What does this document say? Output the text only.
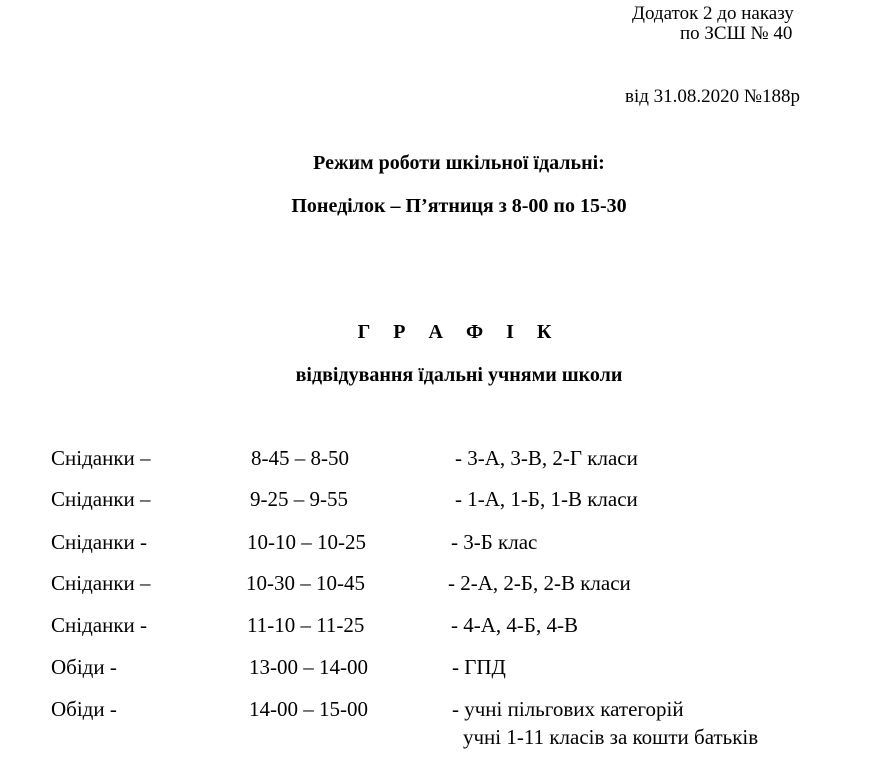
Додаток 2 до наказу
по ЗСШ № 40
від 31.08.2020 №188р
Режим роботи шкільної їдальні:
Понеділок – П’ятниця з 8-00 по 15-30
Г Р А Ф І К
відвідування їдальні учнями школи
Сніданки –	8-45 – 8-50	- 3-А, 3-В, 2-Г класи
Сніданки –	9-25 – 9-55	- 1-А, 1-Б, 1-В класи
Сніданки -	10-10 – 10-25	- 3-Б клас
Сніданки –	10-30 – 10-45	- 2-А, 2-Б, 2-В класи
Сніданки -	11-10 – 11-25	- 4-А, 4-Б, 4-В
Обіди -	13-00 – 14-00	- ГПД
Обіди -	14-00 – 15-00	- учні пільгових категорій
учні 1-11 класів за кошти батьків
